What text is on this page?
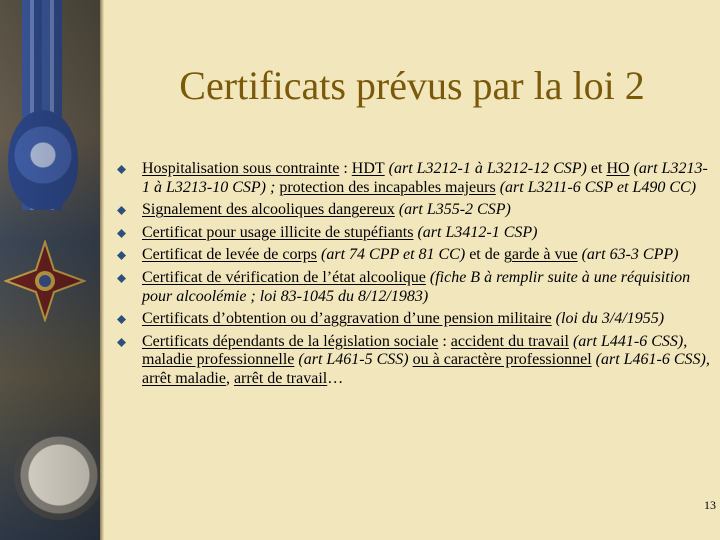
Certificats prévus par la loi 2
Hospitalisation sous contrainte : HDT (art L3212-1 à L3212-12 CSP) et HO (art L3213-1 à L3213-10 CSP) ; protection des incapables majeurs (art L3211-6 CSP et L490 CC)
Signalement des alcooliques dangereux (art L355-2 CSP)
Certificat pour usage illicite de stupéfiants (art L3412-1 CSP)
Certificat de levée de corps (art 74 CPP et 81 CC) et de garde à vue (art 63-3 CPP)
Certificat de vérification de l’état alcoolique (fiche B à remplir suite à une réquisition pour alcoolémie ; loi 83-1045 du 8/12/1983)
Certificats d’obtention ou d’aggravation d’une pension militaire (loi du 3/4/1955)
Certificats dépendants de la législation sociale : accident du travail (art L441-6 CSS), maladie professionnelle (art L461-5 CSS) ou à caractère professionnel (art L461-6 CSS), arrêt maladie, arrêt de travail…
13
